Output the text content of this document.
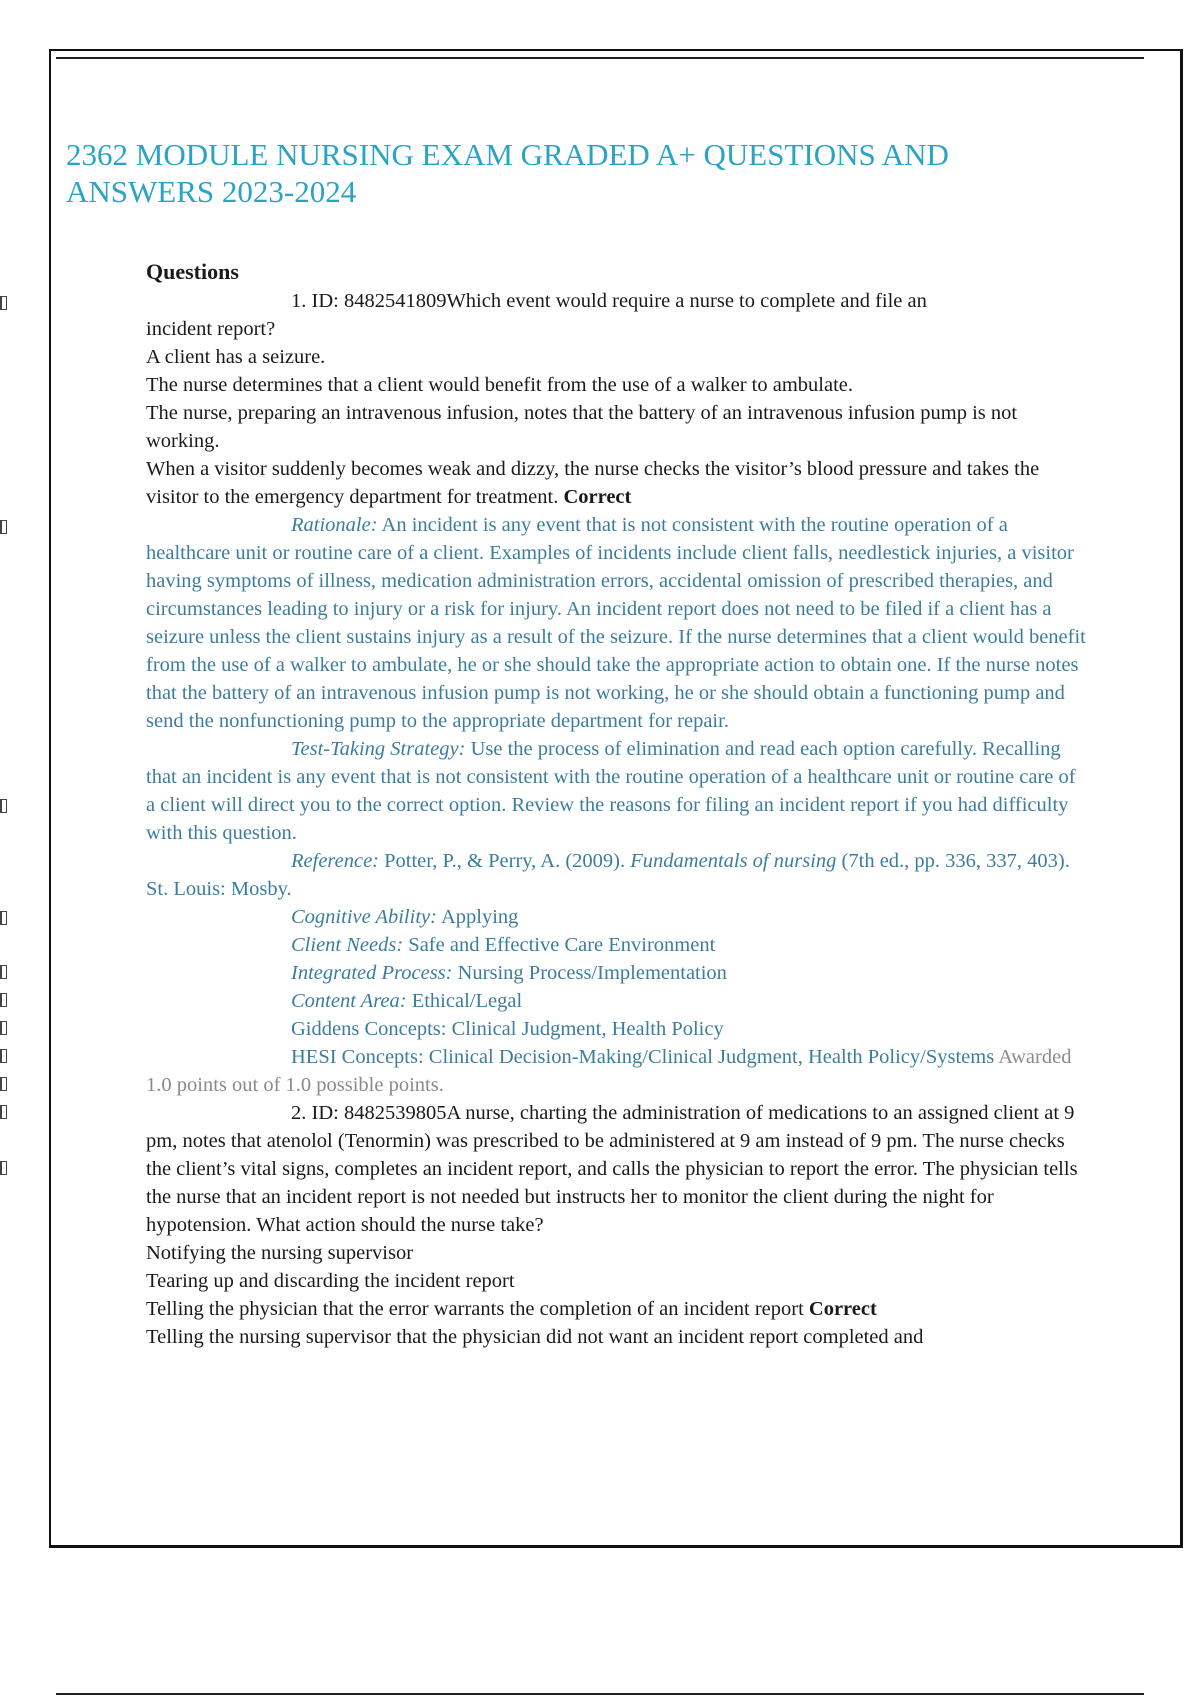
2362 MODULE NURSING EXAM GRADED A+ QUESTIONS AND ANSWERS 2023-2024

Questions

1. ID: 8482541809Which event would require a nurse to complete and file an

incident report?

A client has a seizure.

The nurse determines that a client would benefit from the use of a walker to ambulate.

The nurse, preparing an intravenous infusion, notes that the battery of an intravenous infusion pump is not working.

When a visitor suddenly becomes weak and dizzy, the nurse checks the visitor’s blood pressure and takes the visitor to the emergency department for treatment. Correct

Rationale: An incident is any event that is not consistent with the routine operation of a healthcare unit or routine care of a client. Examples of incidents include client falls, needlestick injuries, a visitor having symptoms of illness, medication administration errors, accidental omission of prescribed therapies, and circumstances leading to injury or a risk for injury. An incident report does not need to be filed if a client has a seizure unless the client sustains injury as a result of the seizure. If the nurse determines that a client would benefit from the use of a walker to ambulate, he or she should take the appropriate action to obtain one. If the nurse notes that the battery of an intravenous infusion pump is not working, he or she should obtain a functioning pump and send the nonfunctioning pump to the appropriate department for repair.

Test-Taking Strategy: Use the process of elimination and read each option carefully. Recalling that an incident is any event that is not consistent with the routine operation of a healthcare unit or routine care of a client will direct you to the correct option. Review the reasons for filing an incident report if you had difficulty with this question.

Reference: Potter, P., & Perry, A. (2009). Fundamentals of nursing (7th ed., pp. 336, 337, 403). St. Louis: Mosby.

Cognitive Ability: Applying

Client Needs: Safe and Effective Care Environment

Integrated Process: Nursing Process/Implementation

Content Area: Ethical/Legal

Giddens Concepts: Clinical Judgment, Health Policy

HESI Concepts: Clinical Decision-Making/Clinical Judgment, Health Policy/Systems Awarded 1.0 points out of 1.0 possible points.

2. ID: 8482539805A nurse, charting the administration of medications to an assigned client at 9 pm, notes that atenolol (Tenormin) was prescribed to be administered at 9 am instead of 9 pm. The nurse checks the client’s vital signs, completes an incident report, and calls the physician to report the error. The physician tells the nurse that an incident report is not needed but instructs her to monitor the client during the night for hypotension. What action should the nurse take?

Notifying the nursing supervisor

Tearing up and discarding the incident report

Telling the physician that the error warrants the completion of an incident report Correct

Telling the nursing supervisor that the physician did not want an incident report completed and
